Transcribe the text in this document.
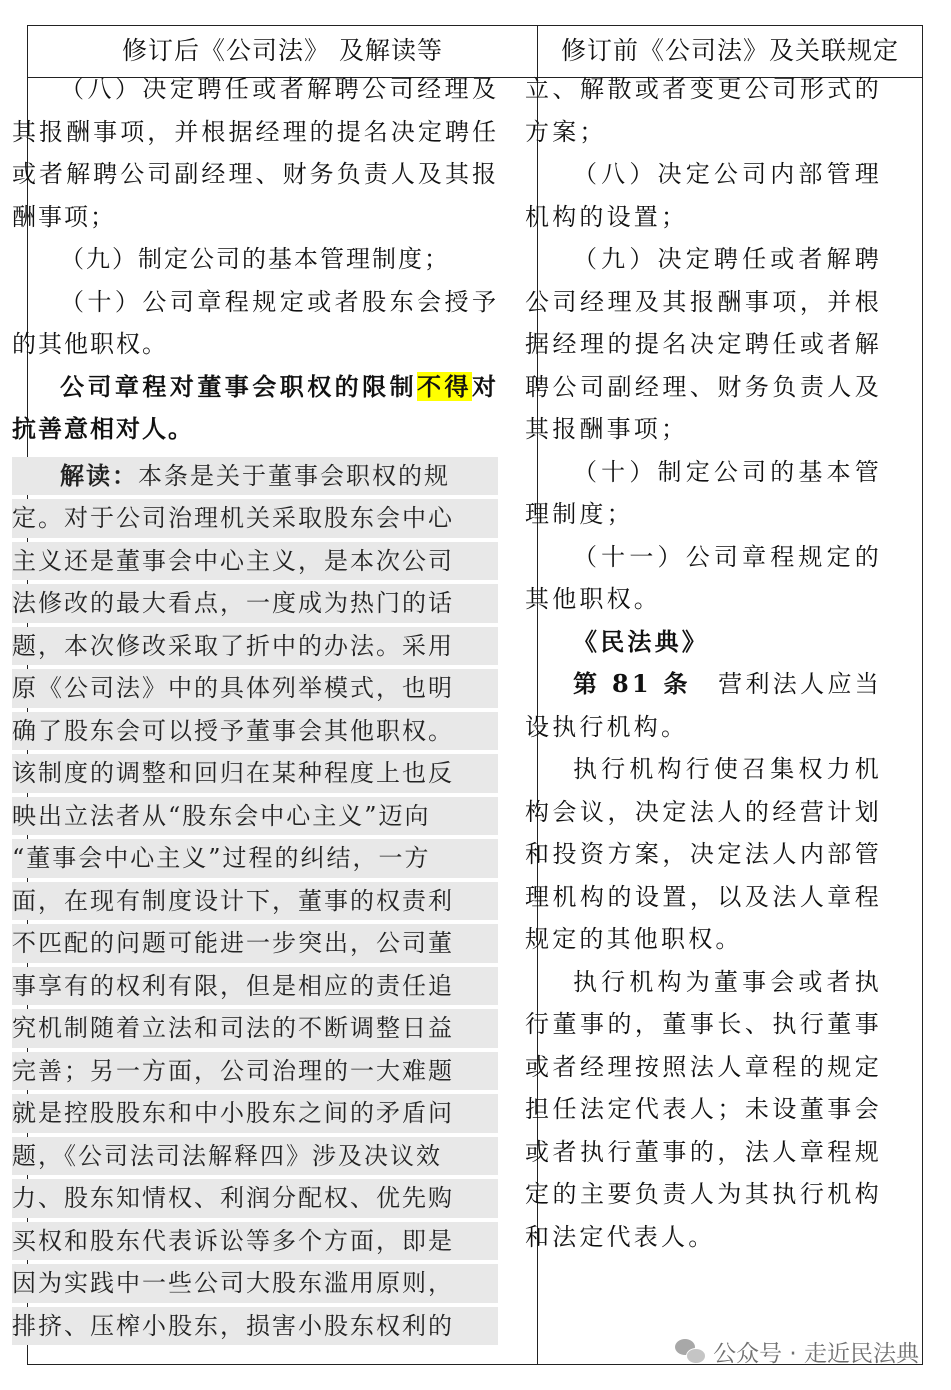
修订后《公司法》 及解读等	修订前《公司法》及关联规定

（八）决定聘任或者解聘公司经理及其报酬事项，并根据经理的提名决定聘任或者解聘公司副经理、财务负责人及其报酬事项；

（九）制定公司的基本管理制度；

（十）公司章程规定或者股东会授予的其他职权。

公司章程对董事会职权的限制不得对抗善意相对人。

解读：本条是关于董事会职权的规
定。对于公司治理机关采取股东会中心
主义还是董事会中心主义，是本次公司
法修改的最大看点，一度成为热门的话
题，本次修改采取了折中的办法。采用
原《公司法》中的具体列举模式，也明
确了股东会可以授予董事会其他职权。
该制度的调整和回归在某种程度上也反
映出立法者从“股东会中心主义”迈向
“董事会中心主义”过程的纠结，一方
面，在现有制度设计下，董事的权责利
不匹配的问题可能进一步突出，公司董
事享有的权利有限，但是相应的责任追
究机制随着立法和司法的不断调整日益
完善；另一方面，公司治理的一大难题
就是控股股东和中小股东之间的矛盾问
题，《公司法司法解释四》涉及决议效
力、股东知情权、利润分配权、优先购
买权和股东代表诉讼等多个方面，即是
因为实践中一些公司大股东滥用原则，
排挤、压榨小股东，损害小股东权利的

立、解散或者变更公司形式的方案；

（八）决定公司内部管理机构的设置；

（九）决定聘任或者解聘公司经理及其报酬事项，并根据经理的提名决定聘任或者解聘公司副经理、财务负责人及其报酬事项；

（十）制定公司的基本管理制度；

（十一）公司章程规定的其他职权。

《民法典》

第 81 条　营利法人应当设执行机构。

执行机构行使召集权力机构会议，决定法人的经营计划和投资方案，决定法人内部管理机构的设置，以及法人章程规定的其他职权。

执行机构为董事会或者执行董事的，董事长、执行董事或者经理按照法人章程的规定担任法定代表人；未设董事会或者执行董事的，法人章程规定的主要负责人为其执行机构和法定代表人。

公众号 · 走近民法典
